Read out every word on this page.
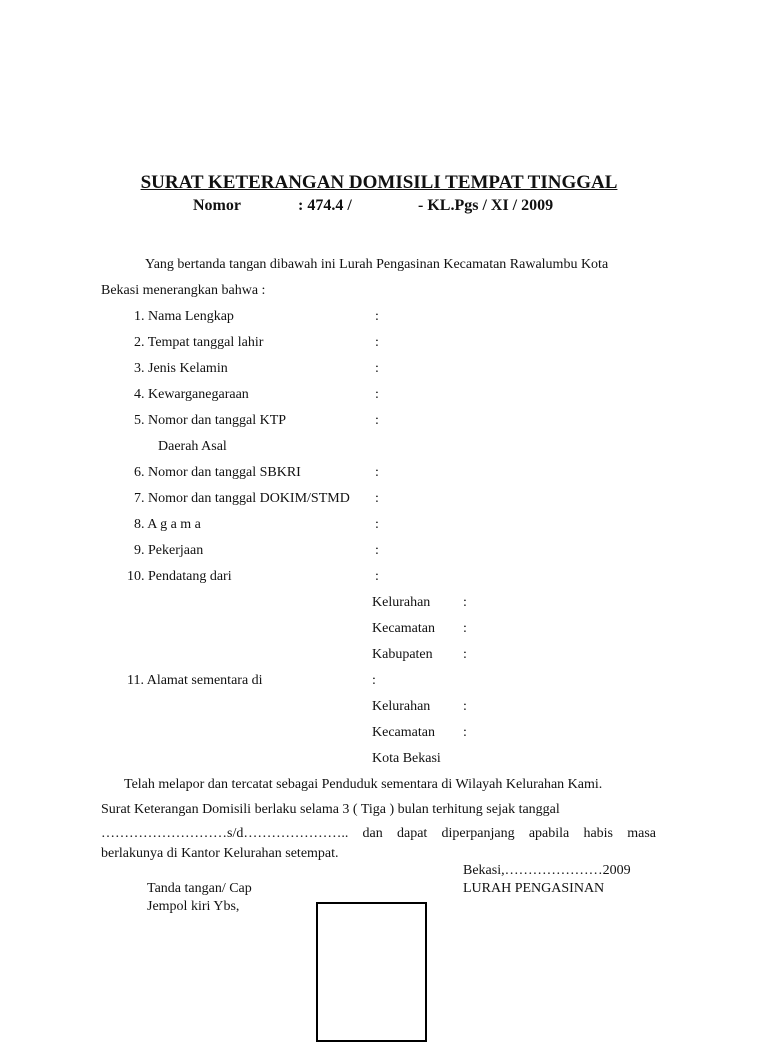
SURAT KETERANGAN DOMISILI TEMPAT TINGGAL
Nomor	: 474.4 /	- KL.Pgs / XI / 2009
Yang bertanda tangan dibawah ini Lurah Pengasinan Kecamatan Rawalumbu Kota
Bekasi menerangkan bahwa :
1. Nama Lengkap	:
2. Tempat tanggal lahir	:
3. Jenis Kelamin	:
4. Kewarganegaraan	:
5. Nomor dan tanggal KTP	:
Daerah Asal
6. Nomor dan tanggal SBKRI	:
7. Nomor dan tanggal DOKIM/STMD :
8. A g a m a	:
9. Pekerjaan	:
10. Pendatang dari	:
Kelurahan :
Kecamatan :
Kabupaten :
11. Alamat sementara di	:
Kelurahan :
Kecamatan :
Kota Bekasi
Telah melapor dan tercatat sebagai Penduduk sementara di Wilayah Kelurahan Kami.
Surat Keterangan Domisili berlaku selama 3 ( Tiga ) bulan terhitung sejak tanggal
………………………s/d………………….. dan dapat diperpanjang apabila habis masa
berlakunya di Kantor Kelurahan setempat.
Bekasi,…………………2009
LURAH PENGASINAN
Tanda tangan/ Cap
Jempol kiri Ybs,
